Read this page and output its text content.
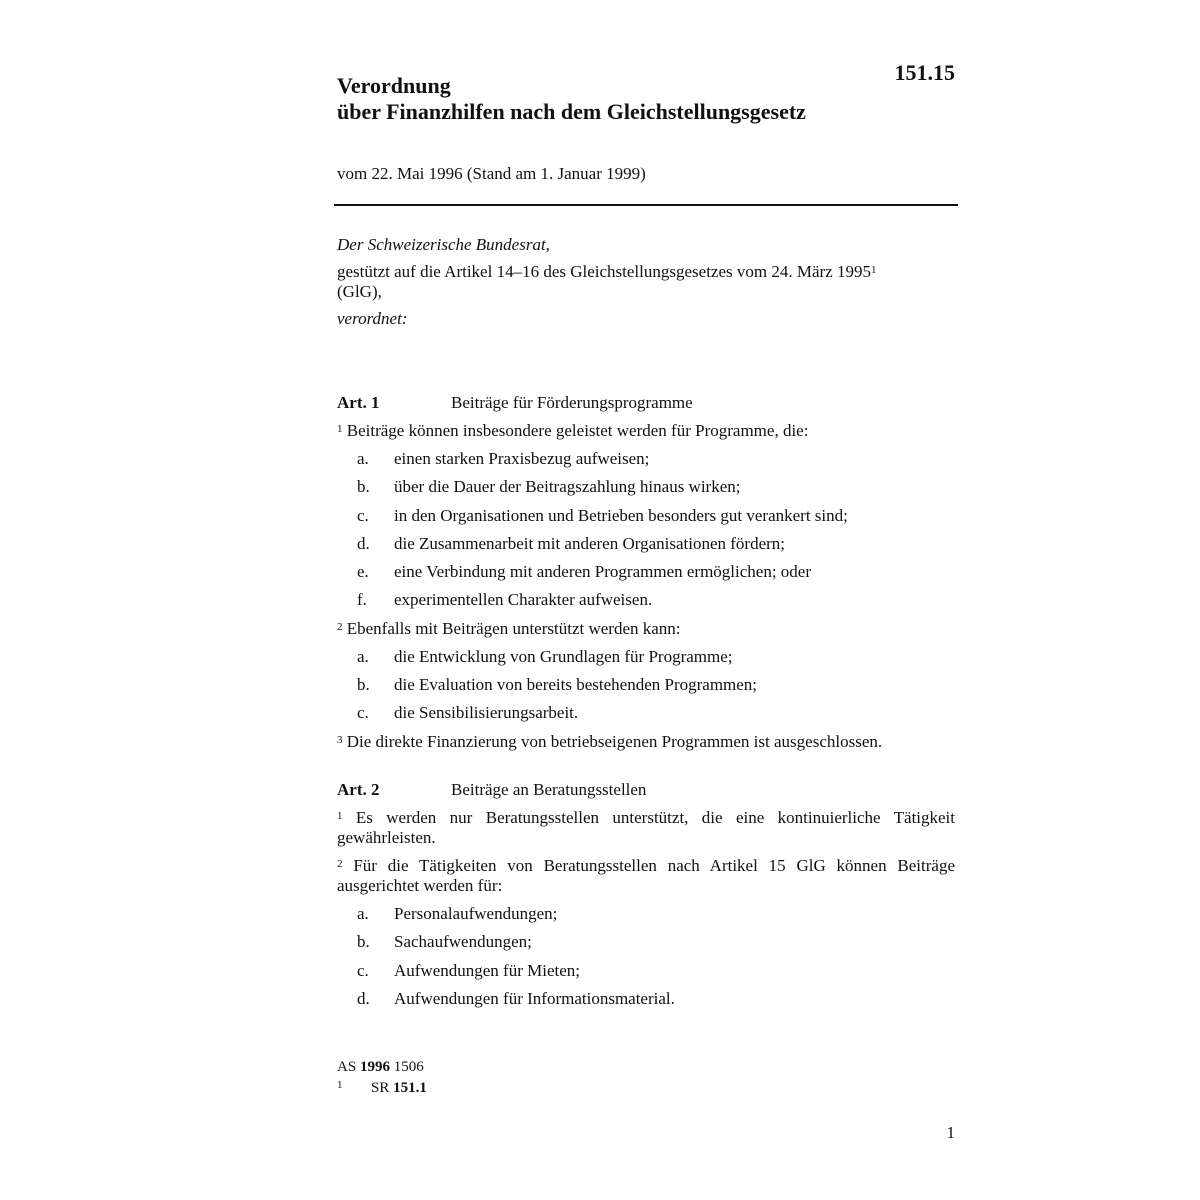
151.15
Verordnung
über Finanzhilfen nach dem Gleichstellungsgesetz
vom 22. Mai 1996 (Stand am 1. Januar 1999)

Der Schweizerische Bundesrat,

gestützt auf die Artikel 14–16 des Gleichstellungsgesetzes vom 24. März 1995$^1$
(GlG),

verordnet:

Art. 1	Beiträge für Förderungsprogramme
$^1$ Beiträge können insbesondere geleistet werden für Programme, die:
a.	einen starken Praxisbezug aufweisen;
b.	über die Dauer der Beitragszahlung hinaus wirken;
c.	in den Organisationen und Betrieben besonders gut verankert sind;
d.	die Zusammenarbeit mit anderen Organisationen fördern;
e.	eine Verbindung mit anderen Programmen ermöglichen; oder
f.	experimentellen Charakter aufweisen.
$^2$ Ebenfalls mit Beiträgen unterstützt werden kann:
a.	die Entwicklung von Grundlagen für Programme;
b.	die Evaluation von bereits bestehenden Programmen;
c.	die Sensibilisierungsarbeit.
$^3$ Die direkte Finanzierung von betriebseigenen Programmen ist ausgeschlossen.
Art. 2	Beiträge an Beratungsstellen
$^1$ Es werden nur Beratungsstellen unterstützt, die eine kontinuierliche Tätigkeit gewährleisten.
$^2$ Für die Tätigkeiten von Beratungsstellen nach Artikel 15 GlG können Beiträge ausgerichtet werden für:
a.	Personalaufwendungen;
b.	Sachaufwendungen;
c.	Aufwendungen für Mieten;
d.	Aufwendungen für Informationsmaterial.
AS 1996 1506
1	SR 151.1
1
